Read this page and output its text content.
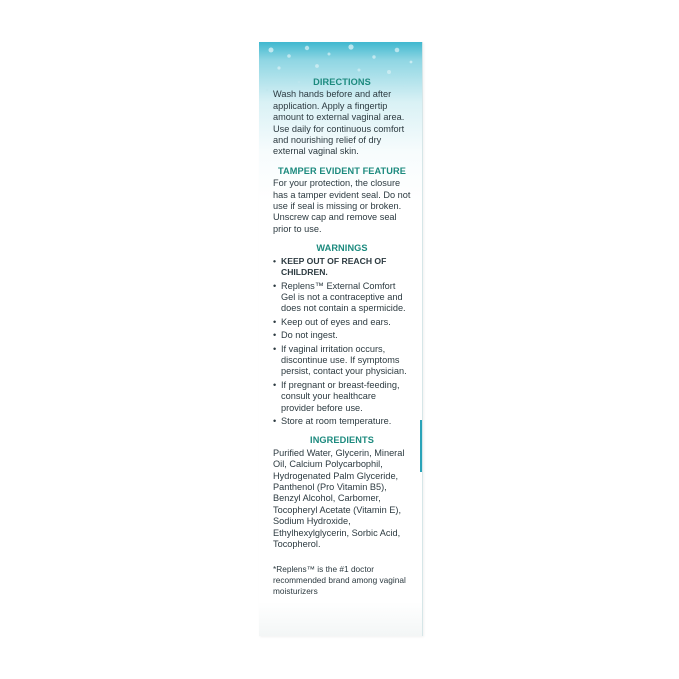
DIRECTIONS
Wash hands before and after application. Apply a fingertip amount to external vaginal area. Use daily for continuous comfort and nourishing relief of dry external vaginal skin.
TAMPER EVIDENT FEATURE
For your protection, the closure has a tamper evident seal. Do not use if seal is missing or broken. Unscrew cap and remove seal prior to use.
WARNINGS
• KEEP OUT OF REACH OF CHILDREN.
• Replens™ External Comfort Gel is not a contraceptive and does not contain a spermicide.
• Keep out of eyes and ears.
• Do not ingest.
• If vaginal irritation occurs, discontinue use. If symptoms persist, contact your physician.
• If pregnant or breast-feeding, consult your healthcare provider before use.
• Store at room temperature.
INGREDIENTS
Purified Water, Glycerin, Mineral Oil, Calcium Polycarbophil, Hydrogenated Palm Glyceride, Panthenol (Pro Vitamin B5), Benzyl Alcohol, Carbomer, Tocopheryl Acetate (Vitamin E), Sodium Hydroxide, Ethylhexylglycerin, Sorbic Acid, Tocopherol.
*Replens™ is the #1 doctor recommended brand among vaginal moisturizers
